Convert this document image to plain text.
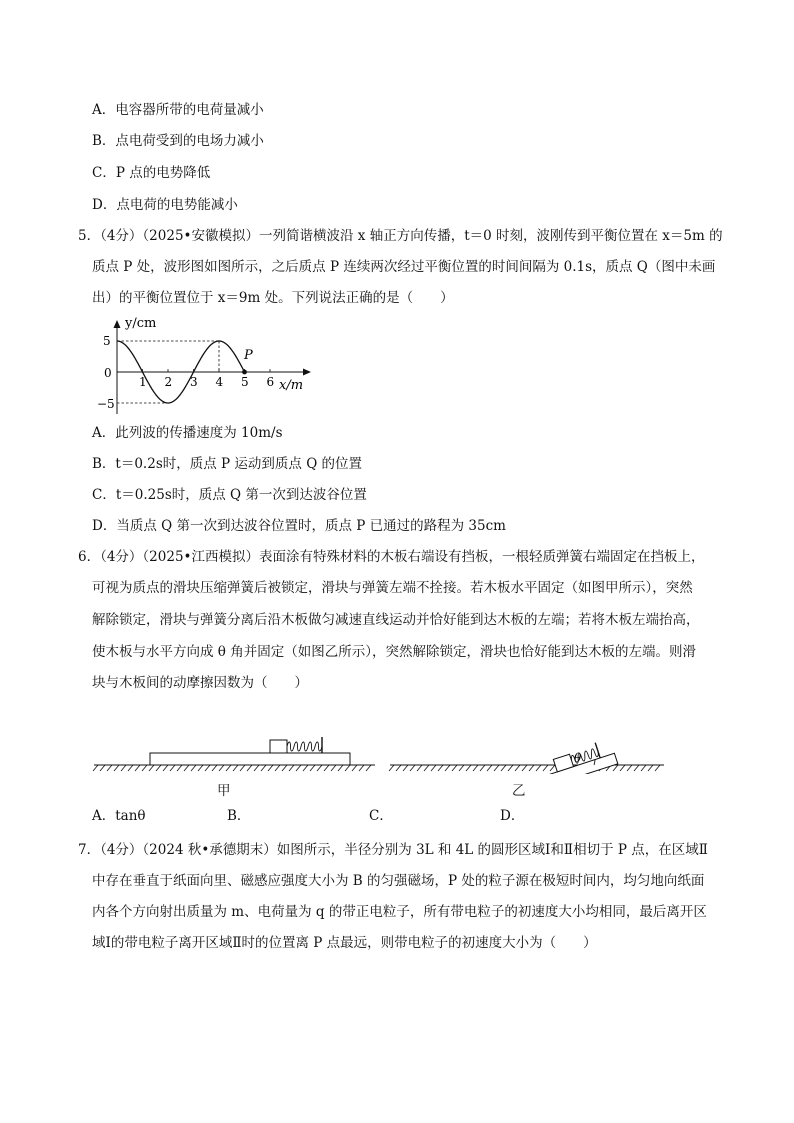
A．电容器所带的电荷量减小
B．点电荷受到的电场力减小
C．P 点的电势降低
D．点电荷的电势能减小
5．（4分）（2025•安徽模拟）一列简谐横波沿 x 轴正方向传播，t＝0 时刻，波刚传到平衡位置在 x＝5m 的
质点 P 处，波形图如图所示，之后质点 P 连续两次经过平衡位置的时间间隔为 0.1s，质点 Q（图中未画
出）的平衡位置位于 x＝9m 处。下列说法正确的是（　　）
1 2 3 4 5 6
y/cm
x/m
0
5
−5
P
A．此列波的传播速度为 10m/s
B．t＝0.2s时，质点 P 运动到质点 Q 的位置
C．t＝0.25s时，质点 Q 第一次到达波谷位置
D．当质点 Q 第一次到达波谷位置时，质点 P 已通过的路程为 35cm
6．（4分）（2025•江西模拟）表面涂有特殊材料的木板右端设有挡板，一根轻质弹簧右端固定在挡板上，
可视为质点的滑块压缩弹簧后被锁定，滑块与弹簧左端不拴接。若木板水平固定（如图甲所示），突然
解除锁定，滑块与弹簧分离后沿木板做匀减速直线运动并恰好能到达木板的左端；若将木板左端抬高，
使木板与水平方向成 θ 角并固定（如图乙所示），突然解除锁定，滑块也恰好能到达木板的左端。则滑
块与木板间的动摩擦因数为（　　）
甲
θ
乙
A．tanθ	B．	C．	D．
7．（4分）（2024 秋•承德期末）如图所示，半径分别为 3L 和 4L 的圆形区域Ⅰ和Ⅱ相切于 P 点，在区域Ⅱ
中存在垂直于纸面向里、磁感应强度大小为 B 的匀强磁场，P 处的粒子源在极短时间内，均匀地向纸面
内各个方向射出质量为 m、电荷量为 q 的带正电粒子，所有带电粒子的初速度大小均相同，最后离开区
域Ⅰ的带电粒子离开区域Ⅱ时的位置离 P 点最远，则带电粒子的初速度大小为（　　）
